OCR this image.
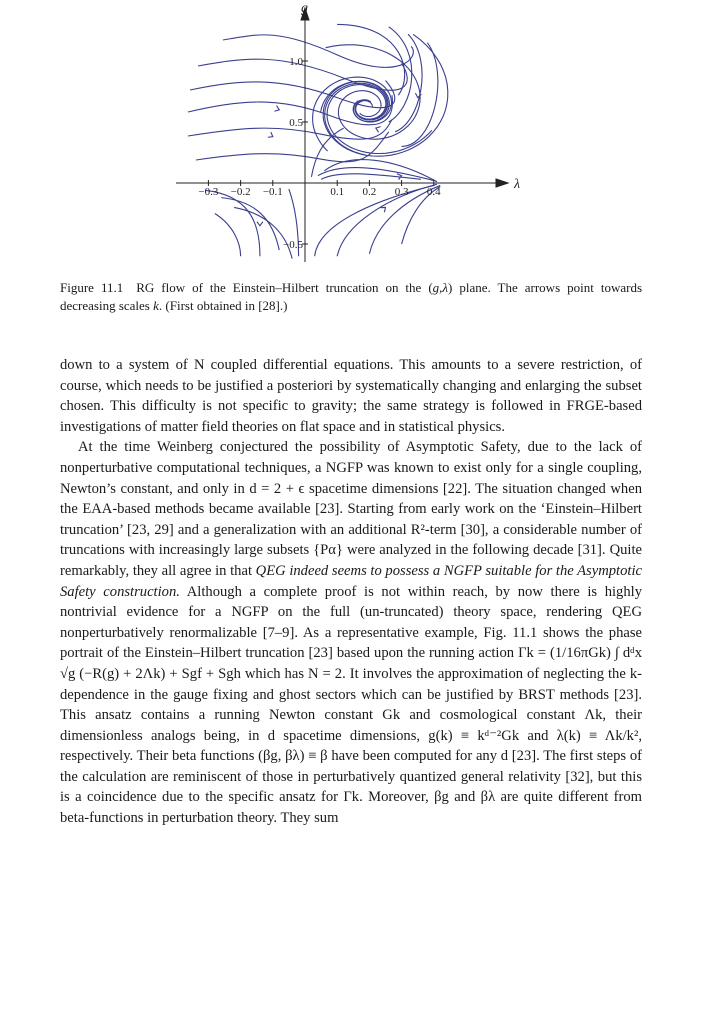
λ
g
−0.3 −0.2 −0.1	0.1 0.2 0.3 0.4
1.0
0.5
−0.5
Figure 11.1 RG flow of the Einstein–Hilbert truncation on the (g,λ) plane. The arrows point towards decreasing scales k. (First obtained in [28].)

down to a system of N coupled differential equations. This amounts to a severe restriction, of course, which needs to be justified a posteriori by systematically changing and enlarging the subset chosen. This difficulty is not specific to gravity; the same strategy is followed in FRGE-based investigations of matter field theories on flat space and in statistical physics.

At the time Weinberg conjectured the possibility of Asymptotic Safety, due to the lack of nonperturbative computational techniques, a NGFP was known to exist only for a single coupling, Newton’s constant, and only in d = 2 + ϵ spacetime dimensions [22]. The situation changed when the EAA-based methods became available [23]. Starting from early work on the ‘Einstein–Hilbert truncation’ [23, 29] and a generalization with an additional R²-term [30], a considerable number of truncations with increasingly large subsets {Pα} were analyzed in the following decade [31]. Quite remarkably, they all agree in that QEG indeed seems to possess a NGFP suitable for the Asymptotic Safety construction. Although a complete proof is not within reach, by now there is highly nontrivial evidence for a NGFP on the full (un-truncated) theory space, rendering QEG nonperturbatively renormalizable [7–9]. As a representative example, Fig. 11.1 shows the phase portrait of the Einstein–Hilbert truncation [23] based upon the running action Γk = (1/16πGk) ∫ dᵈx √g (−R(g) + 2Λk) + Sgf + Sgh which has N = 2. It involves the approximation of neglecting the k-dependence in the gauge fixing and ghost sectors which can be justified by BRST methods [23]. This ansatz contains a running Newton constant Gk and cosmological constant Λk, their dimensionless analogs being, in d spacetime dimensions, g(k) ≡ kᵈ⁻²Gk and λ(k) ≡ Λk/k², respectively. Their beta functions (βg, βλ) ≡ β have been computed for any d [23]. The first steps of the calculation are reminiscent of those in perturbatively quantized general relativity [32], but this is a coincidence due to the specific ansatz for Γk. Moreover, βg and βλ are quite different from beta-functions in perturbation theory. They sum
